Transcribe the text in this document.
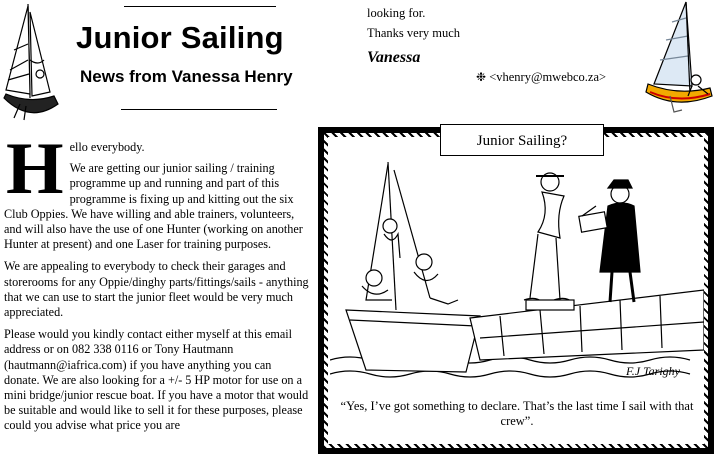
Junior Sailing
News from Vanessa Henry

H ello everybody.

We are getting our junior sailing / training programme up and running and part of this programme is fixing up and kitting out the six Club Oppies. We have willing and able trainers, volunteers, and will also have the use of one Hunter (working on another Hunter at present) and one Laser for training purposes.

We are appealing to everybody to check their garages and storerooms for any Oppie/dinghy parts/fittings/sails - anything that we can use to start the junior fleet would be very much appreciated.

Please would you kindly contact either myself at this email address or on 082 338 0116 or Tony Hautmann (hautmann@iafrica.com) if you have anything you can donate. We are also looking for a +/- 5 HP motor for use on a mini bridge/junior rescue boat. If you have a motor that would be suitable and would like to sell it for these purposes, please could you advise what price you are

looking for.
Thanks very much
Vanessa
❉ <vhenry@mwebco.za>
F.J Tarighy
Junior Sailing?
“Yes, I’ve got something to declare. That’s the last time I sail with that crew”.
